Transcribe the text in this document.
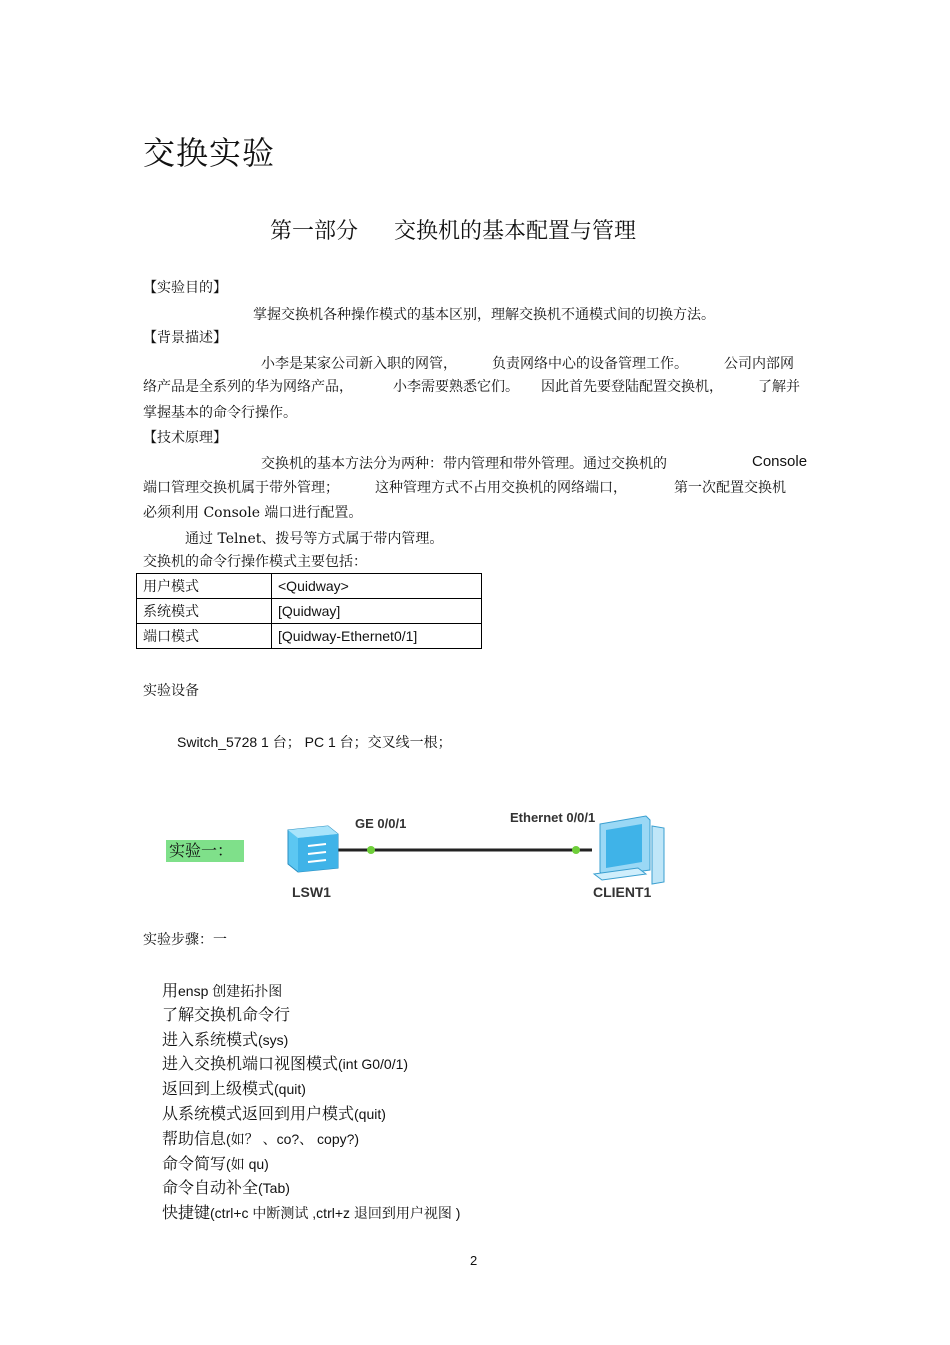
交换实验
第一部分 交换机的基本配置与管理
【实验目的】
掌握交换机各种操作模式的基本区别，理解交换机不通模式间的切换方法。
【背景描述】
小李是某家公司新入职的网管，	负责网络中心的设备管理工作。	公司内部网
络产品是全系列的华为网络产品，	小李需要熟悉它们。 因此首先要登陆配置交换机，	了解并
掌握基本的命令行操作。
【技术原理】
交换机的基本方法分为两种：带内管理和带外管理。通过交换机的	Console
端口管理交换机属于带外管理；	这种管理方式不占用交换机的网络端口，	第一次配置交换机
必须利用 Console 端口进行配置。
通过 Telnet、拨号等方式属于带内管理。
交换机的命令行操作模式主要包括：
用户模式	<Quidway>
系统模式	[Quidway]
端口模式	[Quidway-Ethernet0/1]
实验设备
Switch_5728 1 台； PC 1 台；交叉线一根；
实验一：
GE 0/0/1	Ethernet 0/0/1
LSW1	CLIENT1
实验步骤：一
用ensp 创建拓扑图
了解交换机命令行
进入系统模式(sys)
进入交换机端口视图模式(int G0/0/1)
返回到上级模式(quit)
从系统模式返回到用户模式(quit)
帮助信息(如？ 、co?、 copy?)
命令简写(如 qu)
命令自动补全(Tab)
快捷键(ctrl+c 中断测试 ,ctrl+z 退回到用户视图 )
2
